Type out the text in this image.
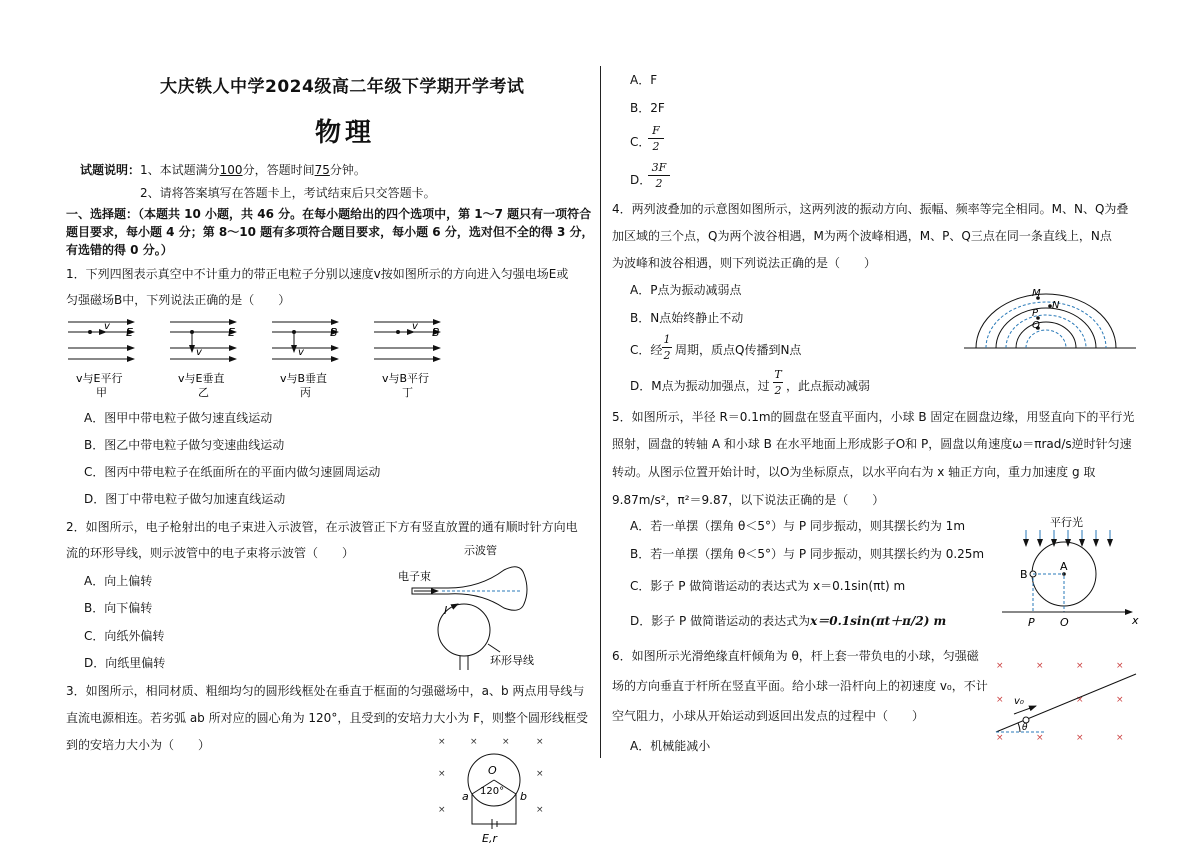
大庆铁人中学2024级高二年级下学期开学考试
物理
试题说明：1、本试题满分100分，答题时间75分钟。
2、请将答案填写在答题卡上，考试结束后只交答题卡。
一、选择题：（本题共 10 小题，共 46 分。在每小题给出的四个选项中，第 1～7 题只有一项符合
题目要求，每小题 4 分；第 8～10 题有多项符合题目要求，每小题 6 分，选对但不全的得 3 分，
有选错的得 0 分。）
1．下列四图表示真空中不计重力的带正电粒子分别以速度v按如图所示的方向进入匀强电场E或
匀强磁场B中，下列说法正确的是（　　）
v E
v与E平行
甲
v
E
v与E垂直
乙
v
B
v与B垂直
丙
v B
v与B平行
丁
A．图甲中带电粒子做匀速直线运动
B．图乙中带电粒子做匀变速曲线运动
C．图丙中带电粒子在纸面所在的平面内做匀速圆周运动
D．图丁中带电粒子做匀加速直线运动
2．如图所示，电子枪射出的电子束进入示波管，在示波管正下方有竖直放置的通有顺时针方向电
流的环形导线，则示波管中的电子束将示波管（　　）
A．向上偏转
B．向下偏转
C．向纸外偏转
D．向纸里偏转
示波管
电子束
I
环形导线
3．如图所示，相同材质、粗细均匀的圆形线框处在垂直于框面的匀强磁场中，a、b 两点用导线与
直流电源相连。若劣弧 ab 所对应的圆心角为 120°，且受到的安培力大小为 F，则整个圆形线框受
到的安培力大小为（　　）	×	×	×	×
×	×
×	×
O
120°
a	b
E,r
A．F
B．2F
C．
F
2
D．
3F
2
4．两列波叠加的示意图如图所示，这两列波的振动方向、振幅、频率等完全相同。M、N、Q为叠
加区域的三个点，Q为两个波谷相遇，M为两个波峰相遇，M、P、Q三点在同一条直线上，N点
为波峰和波谷相遇，则下列说法正确的是（　　）
A．P点为振动减弱点
B．N点始终静止不动
C．经
1
2 周期，质点Q传播到N点
D．M点为振动加强点，过
T
2 ，此点振动减弱
M
N
P
Q
5．如图所示，半径 R＝0.1m的圆盘在竖直平面内，小球 B 固定在圆盘边缘，用竖直向下的平行光
照射，圆盘的转轴 A 和小球 B 在水平地面上形成影子O和 P，圆盘以角速度ω＝πrad/s逆时针匀速
转动。从图示位置开始计时，以O为坐标原点，以水平向右为 x 轴正方向，重力加速度 g 取
9.87m/s²，π²＝9.87，以下说法正确的是（　　）
A．若一单摆（摆角 θ＜5°）与 P 同步振动，则其摆长约为 1m
B．若一单摆（摆角 θ＜5°）与 P 同步振动，则其摆长约为 0.25m
C．影子 P 做简谐运动的表达式为 x＝0.1sin(πt) m
D．影子 P 做简谐运动的表达式为x＝0.1sin(πt＋π/2) m
平行光
A
B
P O	x
6．如图所示光滑绝缘直杆倾角为 θ，杆上套一带负电的小球，匀强磁
场的方向垂直于杆所在竖直平面。给小球一沿杆向上的初速度 v₀，不计
空气阻力，小球从开始运动到返回出发点的过程中（　　）
A．机械能减小
×	×	×	×
×	×	×
×	×	×	×
v₀
θ
